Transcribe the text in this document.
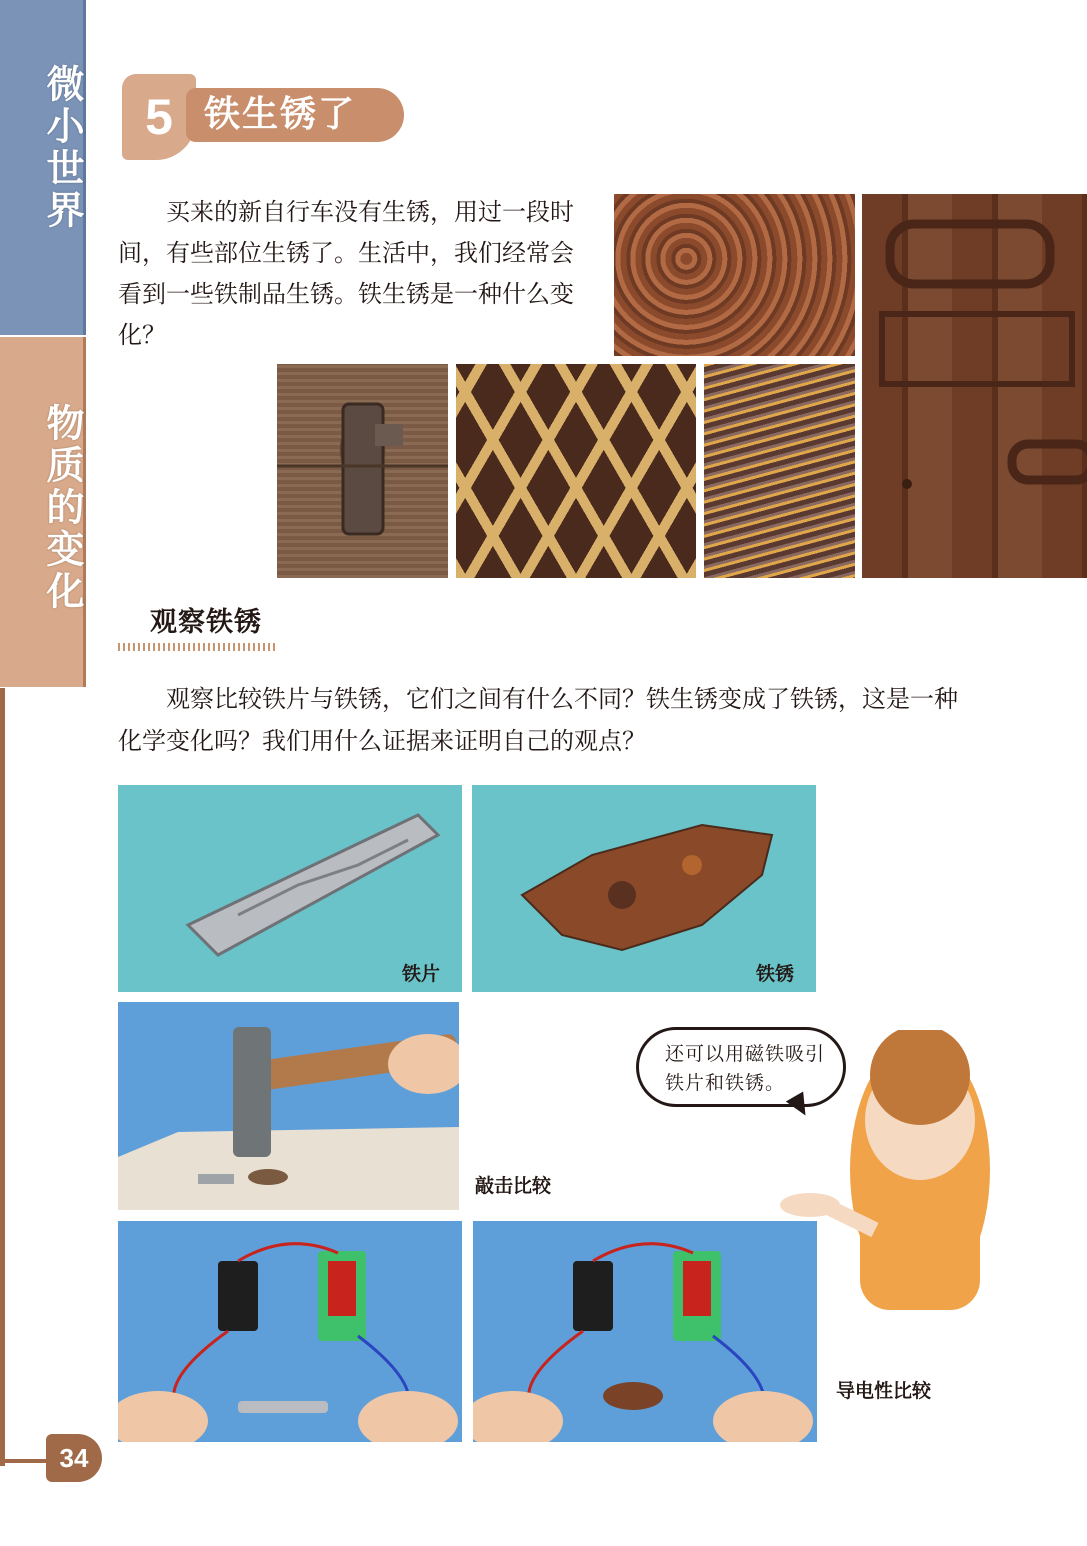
微小世界
物质的变化
5 铁生锈了
买来的新自行车没有生锈，用过一段时间，有些部位生锈了。生活中，我们经常会看到一些铁制品生锈。铁生锈是一种什么变化？
观察铁锈
观察比较铁片与铁锈，它们之间有什么不同？铁生锈变成了铁锈，这是一种化学变化吗？我们用什么证据来证明自己的观点？
铁片	铁锈
敲击比较
还可以用磁铁吸引铁片和铁锈。
导电性比较
34
